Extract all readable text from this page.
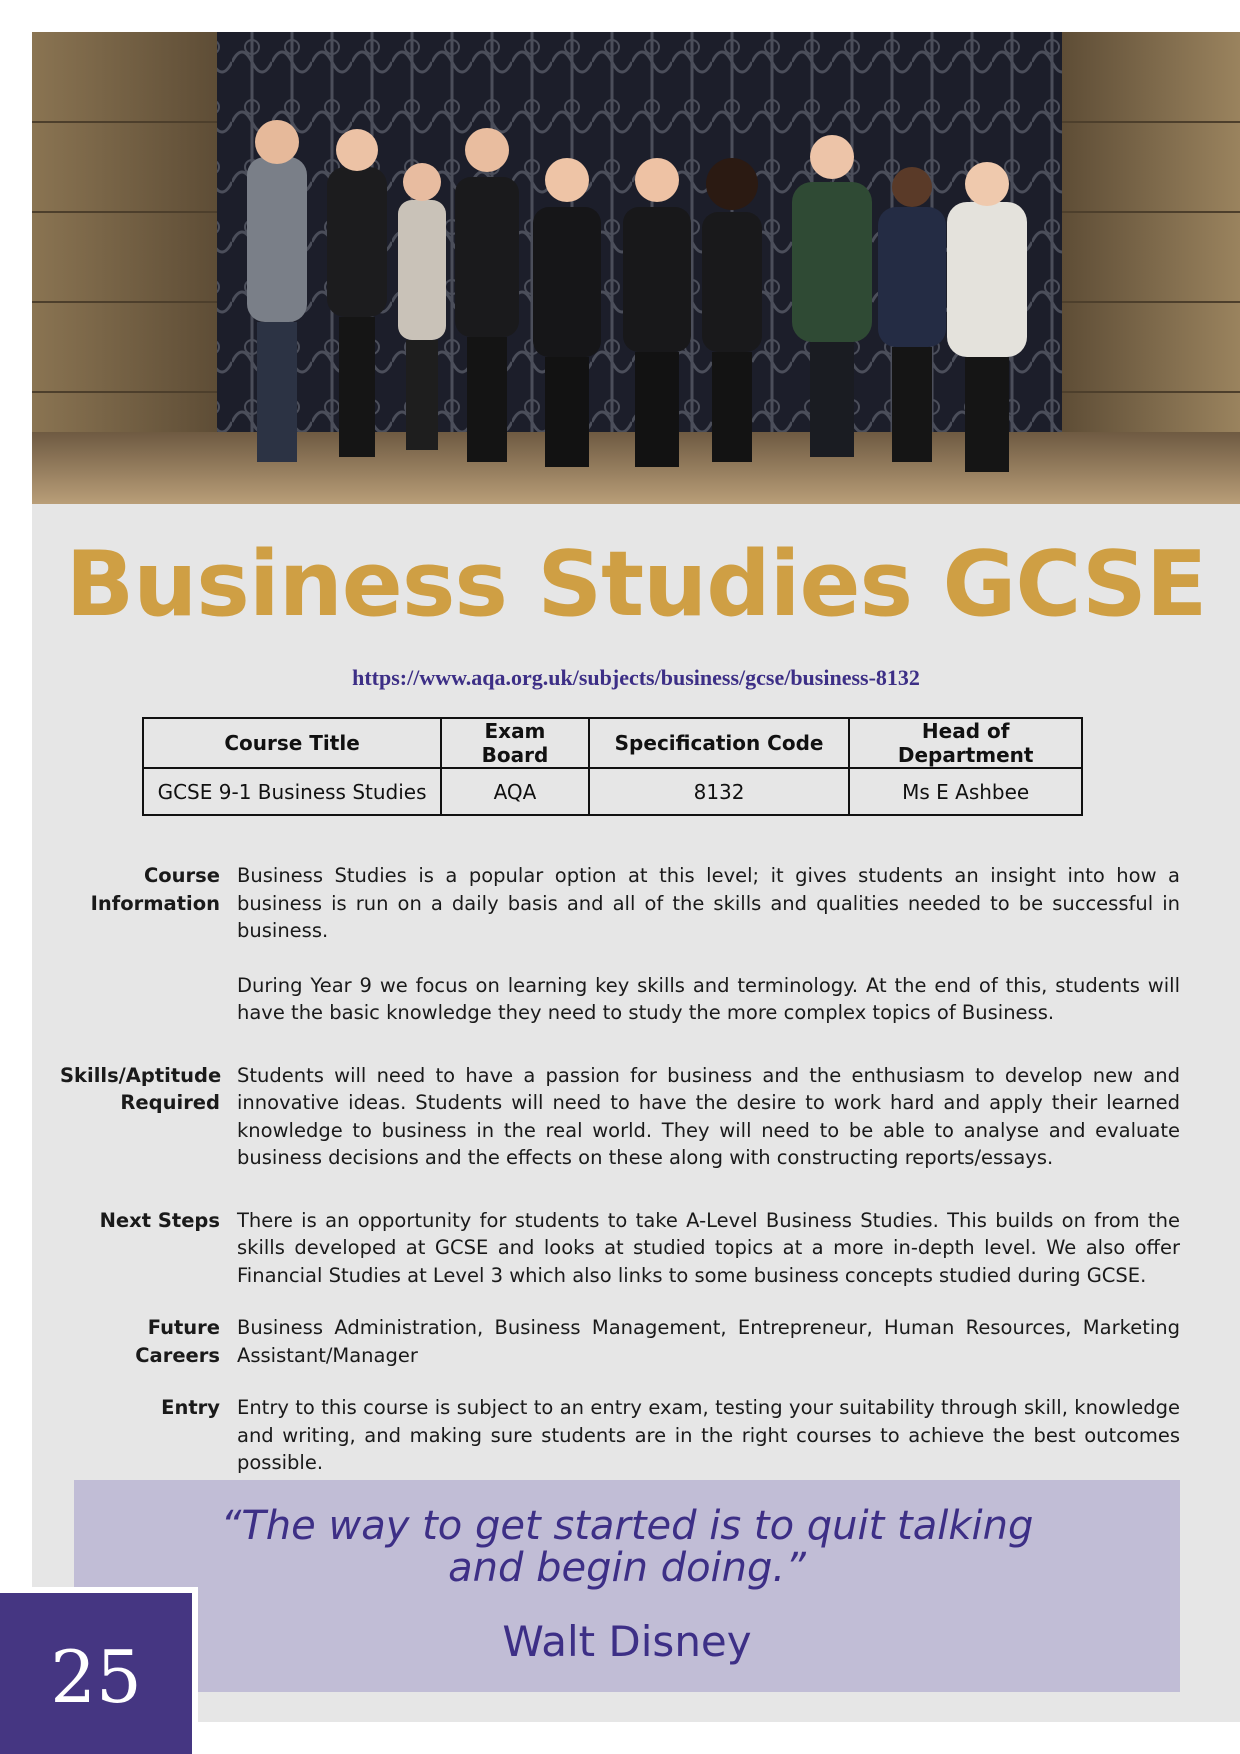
Business Studies GCSE
https://www.aqa.org.uk/subjects/business/gcse/business-8132
Course Title	Exam Board	Specification Code	Head of Department
GCSE 9-1 Business Studies	AQA	8132	Ms E Ashbee
Course
Information

Business Studies is a popular option at this level; it gives students an insight into how a business is run on a daily basis and all of the skills and qualities needed to be successful in business.

During Year 9 we focus on learning key skills and terminology. At the end of this, students will have the basic knowledge they need to study the more complex topics of Business.

Skills/Aptitude
Required

Students will need to have a passion for business and the enthusiasm to develop new and innovative ideas. Students will need to have the desire to work hard and apply their learned knowledge to business in the real world. They will need to be able to analyse and evaluate business decisions and the effects on these along with constructing reports/essays.

Next Steps There is an opportunity for students to take A-Level Business Studies. This builds on from the skills developed at GCSE and looks at studied topics at a more in-depth level. We also offer Financial Studies at Level 3 which also links to some business concepts studied during GCSE.

Future Careers

Business Administration, Business Management, Entrepreneur, Human Resources, Marketing Assistant/Manager

Entry Entry to this course is subject to an entry exam, testing your suitability through skill, knowledge and writing, and making sure students are in the right courses to achieve the best outcomes possible.

“The way to get started is to quit talking and begin doing.”
Walt Disney
25
